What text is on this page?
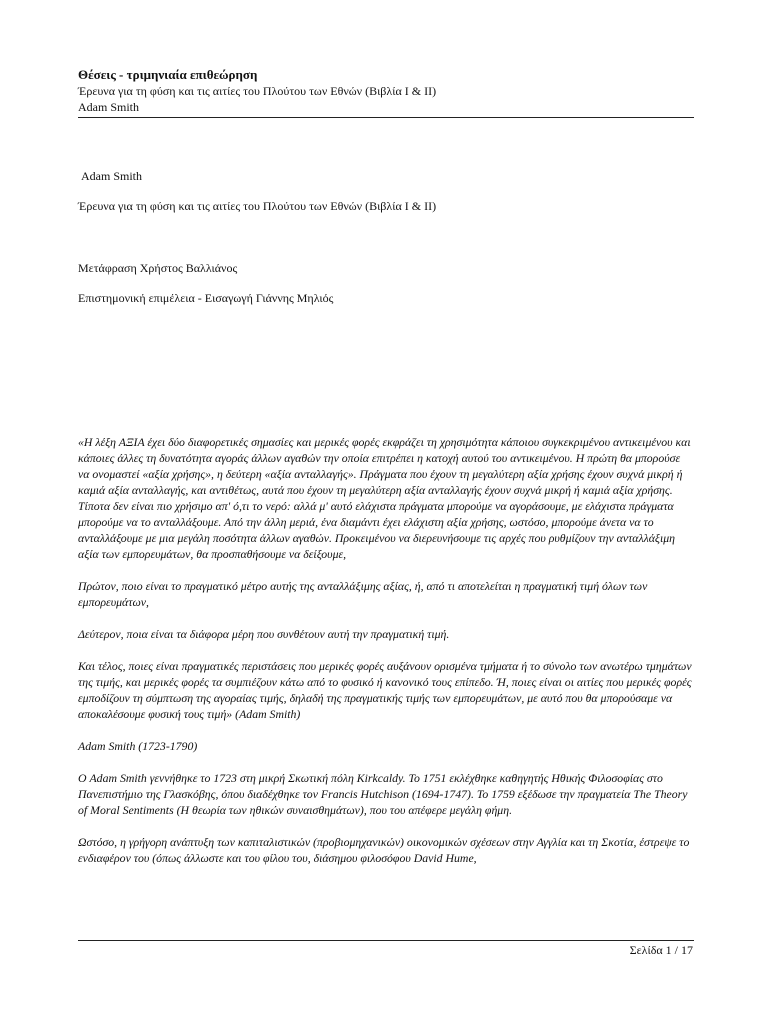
Θέσεις - τριμηνιαία επιθεώρηση
Έρευνα για τη φύση και τις αιτίες του Πλούτου των Εθνών (Βιβλία Ι & ΙΙ)
Adam Smith
Adam Smith
Έρευνα για τη φύση και τις αιτίες του Πλούτου των Εθνών (Βιβλία Ι & ΙΙ)
Μετάφραση Χρήστος Βαλλιάνος
Επιστημονική επιμέλεια - Εισαγωγή Γιάννης Μηλιός

«Η λέξη ΑΞΙΑ έχει δύο διαφορετικές σημασίες και μερικές φορές εκφράζει τη χρησιμότητα κάποιου συγκεκριμένου αντικειμένου και κάποιες άλλες τη δυνατότητα αγοράς άλλων αγαθών την οποία επιτρέπει η κατοχή αυτού του αντικειμένου. Η πρώτη θα μπορούσε να ονομαστεί «αξία χρήσης», η δεύτερη «αξία ανταλλαγής». Πράγματα που έχουν τη μεγαλύτερη αξία χρήσης έχουν συχνά μικρή ή καμιά αξία ανταλλαγής, και αντιθέτως, αυτά που έχουν τη μεγαλύτερη αξία ανταλλαγής έχουν συχνά μικρή ή καμιά αξία χρήσης. Τίποτα δεν είναι πιο χρήσιμο απ' ό,τι το νερό: αλλά μ' αυτό ελάχιστα πράγματα μπορούμε να αγοράσουμε, με ελάχιστα πράγματα μπορούμε να το ανταλλάξουμε. Από την άλλη μεριά, ένα διαμάντι έχει ελάχιστη αξία χρήσης, ωστόσο, μπορούμε άνετα να το ανταλλάξουμε με μια μεγάλη ποσότητα άλλων αγαθών. Προκειμένου να διερευνήσουμε τις αρχές που ρυθμίζουν την ανταλλάξιμη αξία των εμπορευμάτων, θα προσπαθήσουμε να δείξουμε,

Πρώτον, ποιο είναι το πραγματικό μέτρο αυτής της ανταλλάξιμης αξίας, ή, από τι αποτελείται η πραγματική τιμή όλων των εμπορευμάτων,

Δεύτερον, ποια είναι τα διάφορα μέρη που συνθέτουν αυτή την πραγματική τιμή.

Και τέλος, ποιες είναι πραγματικές περιστάσεις που μερικές φορές αυξάνουν ορισμένα τμήματα ή το σύνολο των ανωτέρω τμημάτων της τιμής, και μερικές φορές τα συμπιέζουν κάτω από το φυσικό ή κανονικό τους επίπεδο. Ή, ποιες είναι οι αιτίες που μερικές φορές εμποδίζουν τη σύμπτωση της αγοραίας τιμής, δηλαδή της πραγματικής τιμής των εμπορευμάτων, με αυτό που θα μπορούσαμε να αποκαλέσουμε φυσική τους τιμή» (Adam Smith)

Adam Smith (1723-1790)

Ο Adam Smith γεννήθηκε το 1723 στη μικρή Σκωτική πόλη Kirkcaldy. Το 1751 εκλέχθηκε καθηγητής Ηθικής Φιλοσοφίας στο Πανεπιστήμιο της Γλασκόβης, όπου διαδέχθηκε τον Francis Hutchison (1694-1747). Το 1759 εξέδωσε την πραγματεία The Theory of Moral Sentiments (Η θεωρία των ηθικών συναισθημάτων), που του απέφερε μεγάλη φήμη.

Ωστόσο, η γρήγορη ανάπτυξη των καπιταλιστικών (προβιομηχανικών) οικονομικών σχέσεων στην Αγγλία και τη Σκοτία, έστρεψε το ενδιαφέρον του (όπως άλλωστε και του φίλου του, διάσημου φιλοσόφου David Hume,

Σελίδα 1 / 17
